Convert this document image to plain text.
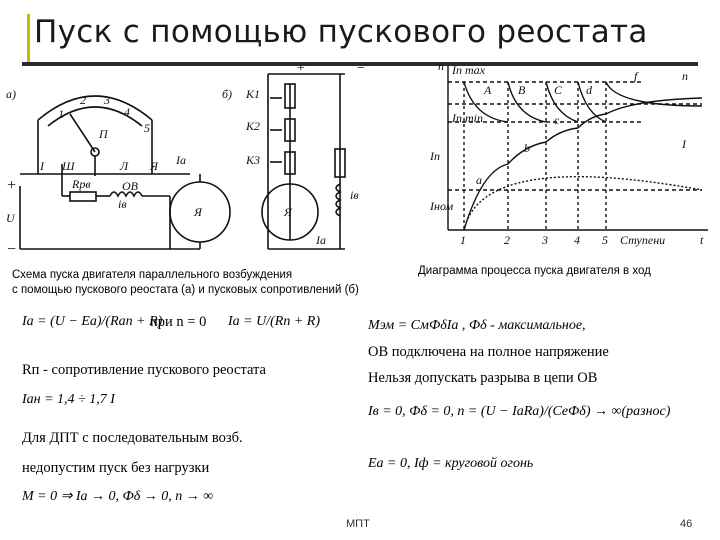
Пуск с помощью пускового реостата
а)	б)
1
2 3
4
5
П
I Ш	Л Я
Я	Я
ОВ
Rрв
Iа
iв
К1
К2
К3
iв
Iа
+
−
U
+	−
Схема пуска двигателя параллельного возбуждения
с помощью пускового реостата (а) и пусковых сопротивлений (б)
n Iп max
Iп min
Iп
Iном
A B C d
f	n
a
b
c
I
1	2	3 4 5 Ступени	t
Диаграмма процесса пуска двигателя в ход
Iа = (U − Eа)/(Rап + R)
при n = 0 Iа = U/(Rп + R)
Rп - сопротивление пускового реостата
Iан = 1,4 ÷ 1,7 I
Для ДПТ с последовательным возб.
недопустим пуск без нагрузки
M = 0 ⇒ Iа → 0, Фδ → 0, n → ∞
Mэм = CмФδIа , Фδ - максимальное,
ОВ подключена на полное напряжение
Нельзя допускать разрыва в цепи ОВ
Iв = 0, Фδ = 0, n = (U − IаRа)/(CеФδ) → ∞(разнос)
Eа = 0, Iф = круговой огонь
МПТ	46
